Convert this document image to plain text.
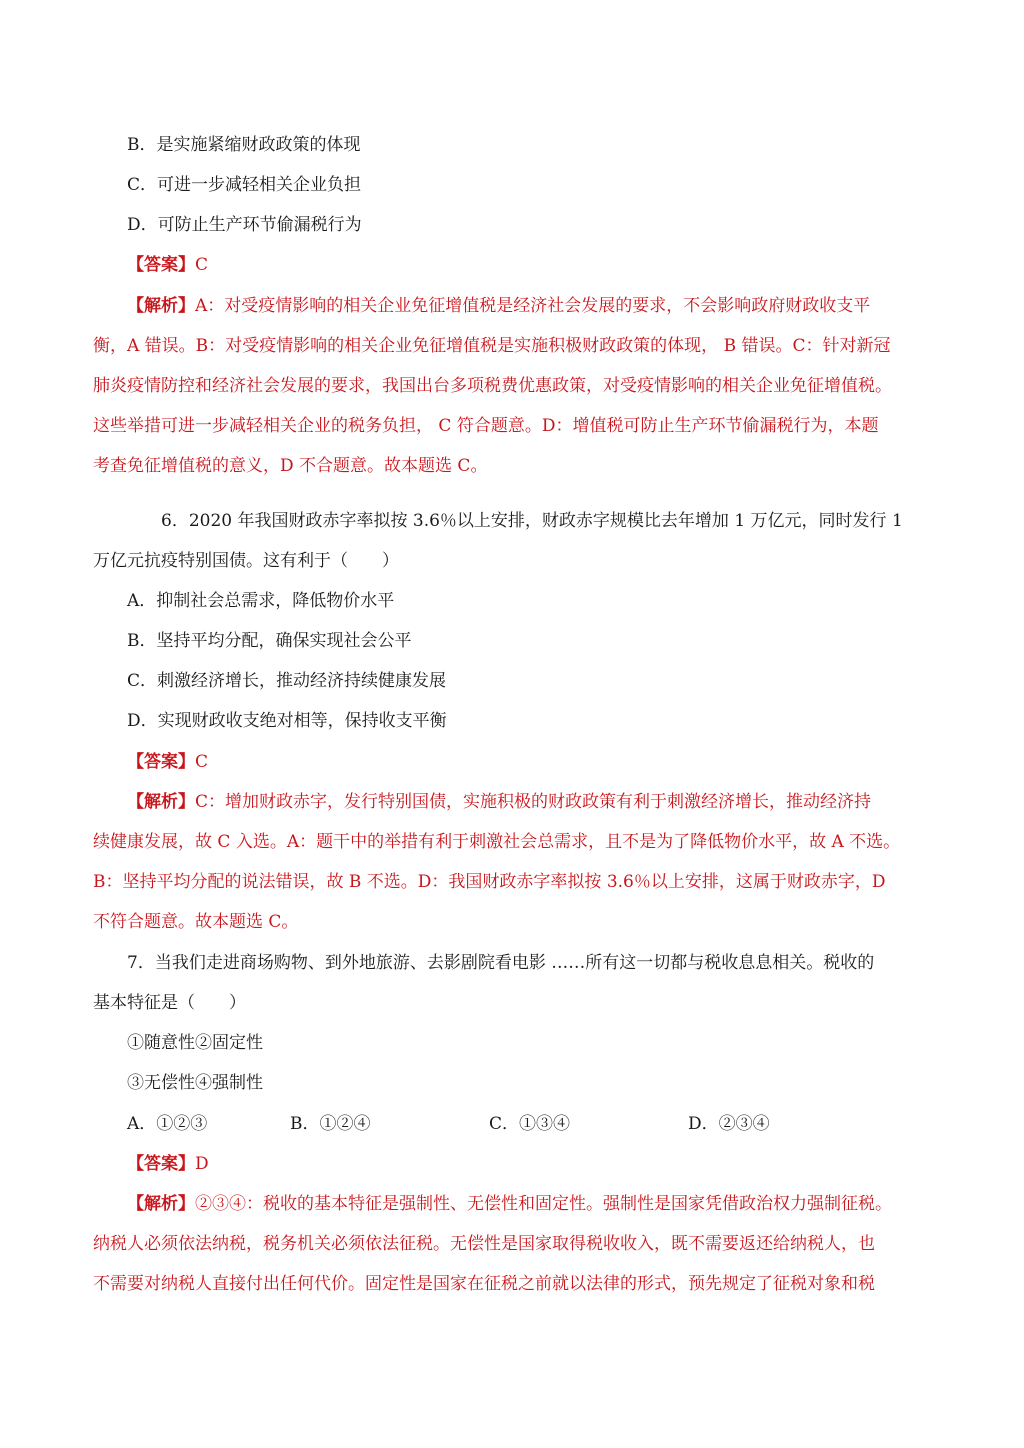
B．是实施紧缩财政政策的体现

C．可进一步减轻相关企业负担

D．可防止生产环节偷漏税行为

【答案】C

【解析】A：对受疫情影响的相关企业免征增值税是经济社会发展的要求，不会影响政府财政收支平

衡，A 错误。B：对受疫情影响的相关企业免征增值税是实施积极财政政策的体现， B 错误。C：针对新冠

肺炎疫情防控和经济社会发展的要求，我国出台多项税费优惠政策，对受疫情影响的相关企业免征增值税。

这些举措可进一步减轻相关企业的税务负担， C 符合题意。D：增值税可防止生产环节偷漏税行为，本题

考查免征增值税的意义，D 不合题意。故本题选 C。

6．2020 年我国财政赤字率拟按 3.6％以上安排，财政赤字规模比去年增加 1 万亿元，同时发行 1

万亿元抗疫特别国债。这有利于（　　）

A．抑制社会总需求，降低物价水平

B．坚持平均分配，确保实现社会公平

C．刺激经济增长，推动经济持续健康发展

D．实现财政收支绝对相等，保持收支平衡

【答案】C

【解析】C：增加财政赤字，发行特别国债，实施积极的财政政策有利于刺激经济增长，推动经济持

续健康发展，故 C 入选。A：题干中的举措有利于刺激社会总需求，且不是为了降低物价水平，故 A 不选。

B：坚持平均分配的说法错误，故 B 不选。D：我国财政赤字率拟按 3.6％以上安排，这属于财政赤字，D

不符合题意。故本题选 C。

7．当我们走进商场购物、到外地旅游、去影剧院看电影 ……所有这一切都与税收息息相关。税收的

基本特征是（　　）

①随意性②固定性

③无偿性④强制性

A．①②③	B．①②④	C．①③④	D．②③④

【答案】D

【解析】②③④：税收的基本特征是强制性、无偿性和固定性。强制性是国家凭借政治权力强制征税。

纳税人必须依法纳税，税务机关必须依法征税。无偿性是国家取得税收收入，既不需要返还给纳税人，也

不需要对纳税人直接付出任何代价。固定性是国家在征税之前就以法律的形式，预先规定了征税对象和税
